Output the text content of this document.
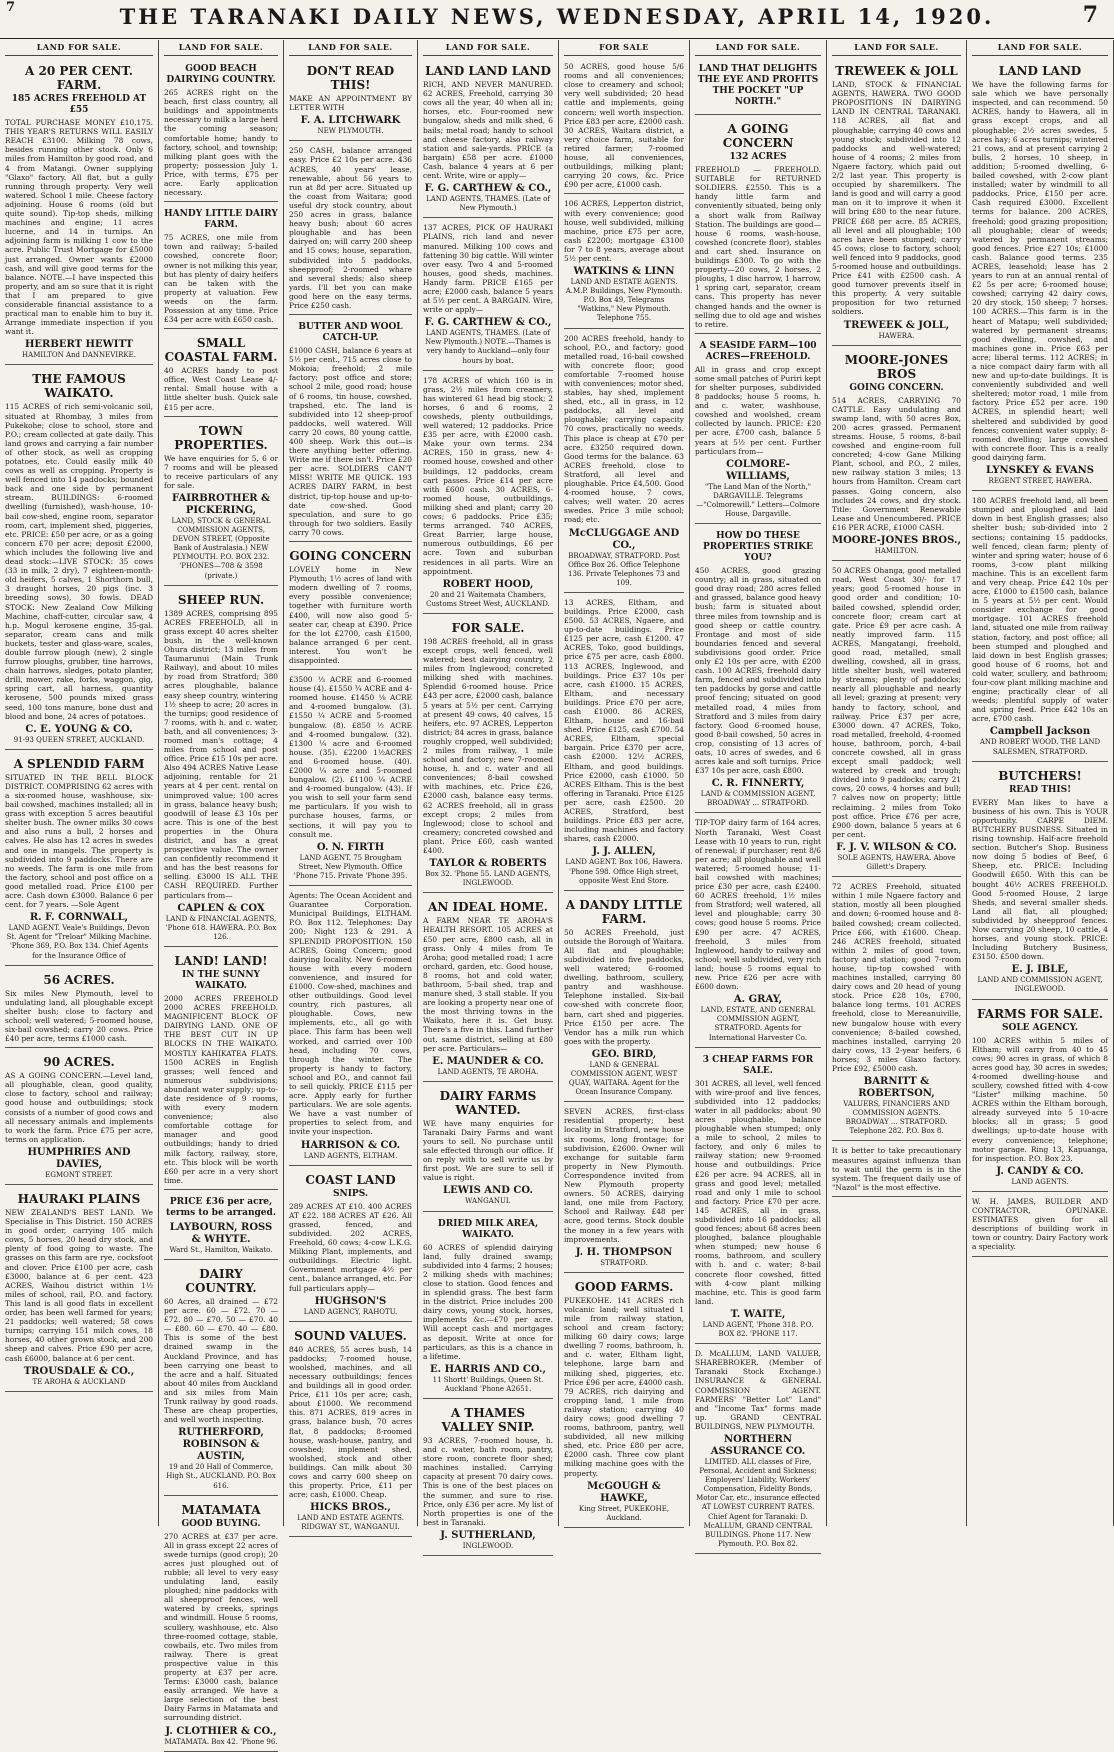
7	THE TARANAKI DAILY NEWS, WEDNESDAY, APRIL 14, 1920.	7
LAND FOR SALE.
A 20 PER CENT. FARM.
185 ACRES FREEHOLD AT £55
TOTAL PURCHASE MONEY £10,175. THIS YEAR'S RETURNS WILL EASILY REACH £3100. Milking 78 cows, besides running other stock. Only 6 miles from Hamilton by good road, and 4 from Matangi. Owner supplying "Glaxo" factory. All flat, but a gully running through property. Very well watered. School 1 mile. Cheese factory adjoining. House 6 rooms (old but quite sound). Tip-top sheds, milking machines and engine; 11 acres lucerne, and 14 in turnips. An adjoining farm is milking 1 cow to the acre. Public Trust Mortgage for £5000 just arranged. Owner wants £2000 cash, and will give good terms for the balance. NOTE.—I have inspected this property, and am so sure that it is right that I am prepared to give considerable financial assistance to a practical man to enable him to buy it. Arrange immediate inspection if you want it.
HERBERT HEWITT
HAMILTON And DANNEVIRKE.
THE FAMOUS WAIKATO.
115 ACRES of rich semi-volcanic soil, situated at Rhombay, 3 miles from Pukekohe; close to school, store and P.O.; cream collected at gate daily. This land grows and carrying a fair number of other stock, as well as cropping potatoes, etc. Could easily milk 40 cows as well as cropping. Property is well fenced into 14 paddocks; bounded back and one side by permanent stream. BUILDINGS: 6-roomed dwelling (furnished), wash-house, 10-bail cow-shed, engine room, separator room, cart, implement shed, piggeries, etc. PRICE: £50 per acre, or as a going concern £70 per acre; deposit £2000, which includes the following live and dead stock:—LIVE STOCK: 35 cows (33 in milk, 2 dry), 7 eighteen-month-old heifers, 5 calves, 1 Shorthorn bull, 3 draught horses, 20 pigs (inc. 3 breeding sows), 30 fowls. DEAD STOCK: New Zealand Cow Milking Machine, chaff-cutter, circular saw, 4 h.p. Mogul kerosene engine, 35-gal. separator, cream cans and milk buckets, tester and glass-ware, scales, double furrow plough (new), 2 single furrow ploughs, grubber, tine harrows, chain harrows, sledges, potato planter, drill, mower, rake, forks, waggon, gig, spring cart, all harness, quantity kerosene, 500 pounds mixed grass seed, 100 tons manure, bone dust and blood and bone, 24 acres of potatoes.
C. E. YOUNG & CO.
91-93 QUEEN STREET, AUCKLAND.
A SPLENDID FARM
SITUATED IN THE BELL BLOCK DISTRICT. COMPRISING 62 acres with a six-roomed house, washhouse, six-bail cowshed, machines installed; all in grass with exception 5 acres beautiful shelter bush. The owner milks 30 cows and also runs a bull, 2 horses and calves. He also has 12 acres in swedes and one in mangels. The property is subdivided into 9 paddocks. There are no weeds. The farm is one mile from the factory, school and post office on a good metalled road. Price £100 per acre. Cash down £3000. Balance 6 per cent. for 7 years. —Sole Agent
R. F. CORNWALL,
LAND AGENT. Veale's Buildings, Devon St. Agent for "Treloar" Milking Machine. 'Phone 369, P.O. Box 134. Chief Agents for the Insurance Office of
56 ACRES.
Six miles New Plymouth, level to undulating land, all ploughable except shelter bush; close to factory and school; well watered; 5-roomed house, six-bail cowshed; carry 20 cows. Price £40 per acre, terms £1000 cash.
90 ACRES.
AS A GOING CONCERN.—Level land, all ploughable, clean, good quality, close to factory, school and railway; good house and outbuildings; stock consists of a number of good cows and all necessary animals and implements to work the farm. Price £75 per acre, terms on application.
HUMPHRIES AND DAVIES,
EGMONT STREET.
HAURAKI PLAINS
NEW ZEALAND'S BEST LAND. We Specialise in This District. 150 ACRES in good order, carrying 105 milch cows, 5 horses, 20 head dry stock, and plenty of food going to waste. The grasses on this farm are rye, cocksfoot and clover. Price £100 per acre, cash £3000, balance at 6 per cent. 423 ACRES, Waihou district within 1½ miles of school, rail, P.O. and factory. This land is all good flats in excellent order, has been well farmed for years; 21 paddocks; well watered; 58 cows turnips; carrying 151 milch cows, 18 horses, 40 other grown stock, and 200 sheep and calves. Price £90 per acre, cash £6000, balance at 6 per cent.
TROUSDALE & CO.,
TE AROHA & AUCKLAND
LAND FOR SALE.
GOOD BEACH DAIRYING COUNTRY.
265 ACRES right on the beach, first class country, all buildings and appointments necessary to milk a large herd the coming season; comfortable home; handy to factory, school, and township; milking plant goes with the property; possession July 1. Price, with terms, £75 per acre. Early application necessary.
HANDY LITTLE DAIRY FARM.
75 ACRES, one mile from town and railway; 5-bailed cowshed, concrete floor; owner is not milking this year, but has plenty of dairy heifers can be taken with the property at valuation. Few weeds on the farm. Possession at any time. Price £34 per acre with £650 cash.
SMALL COASTAL FARM.
40 ACRES handy to post office, West Coast Lease 4/- rental. Small house with a little shelter bush. Quick sale £15 per acre.
TOWN PROPERTIES.
We have enquiries for 5, 6 or 7 rooms and will be pleased to receive particulars of any for sale.
FAIRBROTHER & PICKERING,
LAND, STOCK & GENERAL COMMISSION AGENTS, DEVON STREET, (Opposite Bank of Australasia.) NEW PLYMOUTH. P.O. BOX 232. 'PHONES—708 & 3598 (private.)
SHEEP RUN.
1389 ACRES, comprising 895 ACRES FREEHOLD, all in grass except 40 acres shelter bush, in the well-known Ohura district; 13 miles from Taumarunui (Main Trunk Railway), and about 10 miles by road from Stratford; 380 acres ploughable, balance easy sheep country, wintering 1½ sheep to acre; 20 acres in the turnips; good residence of 7 rooms, with h. and c. water, bath, and all conveniences; 3-roomed man's cottage; 4 miles from school and post office. Price £15 10s per acre. Also 494 ACRES Native Lease adjoining, rentable for 21 years at 4 per cent. rental on unimproved value; 100 acres in grass, balance heavy bush; goodwill of lease £3 10s per acre. This is one of the best properties in the Ohura district, and has a great prospective value. The owner can confidently recommend it and has the best reasons for selling. £3000 IS ALL THE CASH REQUIRED. Further particulars from—
CAPLEN & COX
LAND & FINANCIAL AGENTS, 'Phone 618. HAWERA. P.O. Box 126.
LAND! LAND!
IN THE SUNNY WAIKATO.
2000 ACRES FREEHOLD 2000 ACRES FREEHOLD. MAGNIFICENT BLOCK OF DAIRYING LAND. ONE OF THE BEST CUT IN UP BLOCKS IN THE WAIKATO. MOSTLY KAHIKATEA FLATS. 1500 ACRES in English grasses; well fenced and numerous subdivisions; abundant water supply; up-to-date residence of 9 rooms, with every modern convenience; also comfortable cottage for manager and good outbuildings; handy to dried milk factory, railway, store, etc. This block will be worth £60 per acre in a very short time.
PRICE £36 per acre, terms to be arranged.
LAYBOURN, ROSS & WHYTE.
Ward St., Hamilton, Waikato.
DAIRY COUNTRY.
60 Acres, all drained — £72 per acre. 60 — £72. 70 — £72. 80 — £70. 50 — £70. 40 — £80. 60 — £70. 40 — £80. This is some of the best drained swamp in the Auckland Province, and has been carrying one beast to the acre and a half. Situated about 40 miles from Auckland and six miles from Main Trunk railway by good roads. These are cheap properties, and well worth inspecting.
RUTHERFORD, ROBINSON & AUSTIN,
19 and 20 Hall of Commerce, High St., AUCKLAND. P.O. Box 616.
MATAMATA
GOOD BUYING.
270 ACRES at £37 per acre. All in grass except 22 acres of swede turnips (good crop); 20 acres just ploughed out of rubble; all level to very easy undulating land, easily ploughed; nine paddocks with all sheepproof fences, well watered by creeks, springs and windmill. House 5 rooms, scullery, washhouse, etc. Also three-roomed cottage, stable, cowbails, etc. Two miles from railway. There is great prospective value in this property at £37 per acre. Terms: £3000 cash, balance easily arranged. We have a large selection of the best Dairy Farms in Matamata and surrounding district.
J. CLOTHIER & CO.,
MATAMATA. Box 42. 'Phone 96.
LAND FOR SALE.
DON'T READ THIS!
MAKE AN APPOINTMENT BY LETTER WITH
F. A. LITCHWARK
NEW PLYMOUTH.
250 CASH, balance arranged easy. Price £2 10s per acre. 436 ACRES, 40 years' lease, renewable, about 56 years to run at 8d per acre. Situated up the coast from Waitara; good useful dry stock country, about 250 acres in grass, balance heavy bush; about 60 acres ploughable and has been dairyed on; will carry 200 sheep and 15 cows; house, separation, subdivided into 5 paddocks, sheepproof; 2-roomed whare and several sheds; also sheep yards. I'll bet you can make good here on the easy terms. Price £250 cash.
BUTTER AND WOOL CATCH-UP.
£1000 CASH, balance 6 years at 5½ per cent., 715 acres close to Mokoia; freehold; 2 mile factory; post office and store; school 2 mile, good road; house of 6 rooms, tin house, cowshed, trapshed, etc. The land is subdivided into 12 sheep-proof paddocks, well watered. Will carry 20 cows, 80 young cattle, 400 sheep. Work this out—is there anything better offering. Write me if there isn't. Price £20 per acre. SOLDIERS CAN'T MISS! WRITE ME QUICK. 193 ACRES DAIRY FARM, in best district, tip-top house and up-to-date cow-shed. Good speculation, and sure to go through for two soldiers. Easily carry 70 cows.
GOING CONCERN
LOVELY home in New Plymouth; 1½ acres of land with modern dwelling of 7 rooms, every possible convenience; together with furniture worth £400, will now also good 5-seater car, cheap at £390. Price for the lot £2700, cash £1500, balance arranged 6 per cent. interest. You won't be disappointed.
£3500 ⅓ ACRE and 6-roomed house (4). £1550 ¾ ACRE and 4-roomed house. £1450 ⅛ ACRE and 4-roomed bungalow. (3). £1550 ¼ ACRE and 5-roomed bungalow. (8). £850 ½ ACRE and 4-roomed bungalow. (32). £1300 ¼ acre and 6-roomed house. (35). £2200 1½ACRES and 6-roomed house. (40). £2000 ¼ acre and 5-roomed bungalow. (2). £1100 ¼ ACRE and 4-roomed bungalow. (43). If you wish to sell your farm send me particulars. If you wish to purchase houses, farms, or sections, it will pay you to consult me.
O. N. FIRTH
LAND AGENT. 75 Brougham Street, New Plymouth. Office 'Phone 715. Private 'Phone 395.
Agents: The Ocean Accident and Guarantee Corporation. Municipal Buildings, ELTHAM. P.O. Box 112. Telephones: Day 200; Night 123 & 291. A SPLENDID PROPOSITION. 150 ACRES, Going Concern; good dairying locality. New 6-roomed house with every modern convenience, and insured for £1000. Cow-shed, machines and other outbuildings. Good level country, rich pastures, all ploughable. Cows, new implements, etc., all go with place. This farm has been well worked, and carried over 100 head, including 70 cows, through the winter. The property is handy to factory, school and P.O., and cannot fail to sell quickly. PRICE £115 per acre. Apply early for further particulars. We are sole agents. We have a vast number of properties to select from, and invite your inspection.
HARRISON & CO.
LAND AGENTS, ELTHAM.
COAST LAND
SNIPS.
289 ACRES AT £10. 400 ACRES AT £22. 188 ACRES AT £26. All grassed, fenced, and subdivided. 202 ACRES, Freehold, 60 cows; 4-cow L.K.G. Milking Plant, implements, and outbuildings. Electric light. Government mortgage 4½ per cent., balance arranged, etc. For full particulars apply—
HUGHSON'S
LAND AGENCY, RAHOTU.
SOUND VALUES.
840 ACRES, 55 acres bush, 14 paddocks; 7-roomed house, woolshed, machines, and all necessary outbuildings; fences and buildings all in good order. Price, £11 10s per acre; cash, about £1000. We recommend this. 871 ACRES, 819 acres in grass, balance bush, 70 acres flat, 8 paddocks; 8-roomed house, wash-house, pantry, and cowshed; implement shed, woolshed, stock and other buildings. Can milk about 30 cows and carry 600 sheep on this property. Price, £11 per acre; cash, £1000. Cheap.
HICKS BROS.,
LAND AND ESTATE AGENTS. RIDGWAY ST., WANGANUI.
LAND FOR SALE.
LAND LAND LAND
RICH, AND NEVER MANURED. 62 ACRES, Freehold, carrying 30 cows all the year, 40 when all in; horses, etc. Four-roomed new bungalow, sheds and milk shed, 6 bails; metal road; handy to school and cheese factory, also railway station and sale-yards. PRICE (a bargain) £58 per acre. £1000 Cash, balance 4 years at 6 per cent. Write, wire or apply—
F. G. CARTHEW & CO.,
LAND AGENTS, THAMES. (Late of New Plymouth.)
137 ACRES, PICK OF HAURAKI PLAINS, rich land and never manured. Milking 100 cows and fattening 30 big cattle. Will winter over easy. Two 4 and 5-roomed houses, good sheds, machines. Handy farm. PRICE £165 per acre; £2000 cash, balance 5 years at 5½ per cent. A BARGAIN. Wire, write or apply—
F. G. CARTHEW & CO.,
LAND AGENTS, THAMES. (Late of New Plymouth.) NOTE.—Thames is very handy to Auckland—only four hours by boat.
178 ACRES of which 160 is in grass, 2½ miles from creamery, has wintered 61 head big stock; 2 horses, 6 and 6 rooms, 2 cowsheds, plenty outbuildings, well watered; 12 paddocks. Price £35 per acre, with £2000 cash. Make your own terms. 234 ACRES, 150 in grass, new 4-roomed house, cowshed and other buildings, 12 paddocks, cream cart passes. Price £14 per acre with £600 cash. 30 ACRES, 6-roomed house, outbuildings, milking shed and plant; carry 20 cows; 6 paddocks. Price £35; terms arranged. 740 ACRES, Great Barrier, large house, numerous outbuildings, £6 per acre. Town and suburban residences in all parts. Wire an appointment.
ROBERT HOOD,
20 and 21 Waitemata Chambers, Customs Street West, AUCKLAND.
FOR SALE.
198 ACRES freehold, all in grass except crops, well fenced, well watered; best dairying country, 2 miles from Inglewood; concreted milking shed with machines. Splendid 6-roomed house. Price £43 per acre, £2000 cash, balance 5 years at 5½ per cent. Carrying at present 49 cows, 40 calves, 15 heifers, etc. 97 ACRES, Lepperton district; 84 acres in grass, balance roughly cropped, well subdivided; 2 miles from railway, 1 mile school and factory; new 7-roomed house, h. and c. water and all conveniences; 8-bail cowshed with machines, etc. Price £26, £2000 cash, balance easy terms. 62 ACRES freehold, all in grass except crops; 2 miles from Inglewood; close to school and creamery; concreted cowshed and plant. Price £60, cash wanted £400.
TAYLOR & ROBERTS
Box 32. 'Phone 55. LAND AGENTS, INGLEWOOD.
AN IDEAL HOME.
A FARM NEAR TE AROHA'S HEALTH RESORT. 105 ACRES at £50 per acre, £800 cash, all in grass. Only 4 miles from Te Aroha; good metalled road; 1 acre orchard, garden, etc. Good house, 8 rooms, hot and cold water, bathroom, 5-bail shed, trap and manure shed, 3 stall stable. If you are looking a property near one of the most thriving towns in the Waikato, here it is. Get busy. There's a five in this. Land further out, same district, selling at £80 per acre. Particulars—
E. MAUNDER & CO.
LAND AGENTS, TE AROHA.
DAIRY FARMS WANTED.
WE have many enquiries for Taranaki Dairy Farms and want yours to sell. No purchase until sale effected through our office. If on reply with to sell write us by first post. We are sure to sell if value is right.
LEWIS AND CO.
WANGANUI.
DRIED MILK AREA, WAIKATO.
60 ACRES of splendid dairying land, fully drained swamp; subdivided into 4 farms; 2 houses; 2 milking sheds with machines; close to station. Good fences and in splendid grass. The best farm in the district. Price includes 200 dairy cows, young stock, horses, implements &c.—£70 per acre. Will accept cash and mortgages as deposit. Write at once for particulars, as this is a chance in a lifetime.
E. HARRIS AND CO.,
11 Shortt' Buildings, Queen St. Auckland 'Phone A2651.
A THAMES VALLEY SNIP.
93 ACRES, 7-roomed house, h. and c. water, bath room, pantry, store room, concrete floor shed; machines installed. Carrying capacity at present 70 dairy cows. This is one of the best places on the summer, and sure to rise. Price, only £36 per acre. My list of North properties is one of the best in Taranaki.
J. SUTHERLAND,
INGLEWOOD.
FOR SALE
50 ACRES, good house 5/6 rooms and all conveniences; close to creamery and school; very well subdivided; 20 head cattle and implements, going concern; well worth inspection. Price £83 per acre, £2000 cash. 30 ACRES, Waitara district, a very choice farm, suitable for retired farmer; 7-roomed house, all conveniences, outbuildings, milking plant; carrying 20 cows, &c. Price £90 per acre, £1000 cash.
106 ACRES, Lepperton district, with every convenience; good house, well subdivided, milking machine, price £75 per acre, cash £2200; mortgage £3100 for 7 to 8 years, average about 5½ per cent.
WATKINS & LINN
LAND AND ESTATE AGENTS. A.M.P. Buildings, New Plymouth. P.O. Box 49, Telegrams "Watkins," New Plymouth. Telephone 755.
200 ACRES freehold, handy to school, P.O., and factory; good metalled road, 16-bail cowshed with concrete floor; good comfortable 7-roomed house with conveniences; motor shed, stables, hay shed, implement shed, etc., all in grass, in 12 paddocks, all level and ploughable; carrying capacity 70 cows, practically no weeds. This place is cheap at £70 per acre. £3250 required down. Good terms for the balance. 63 ACRES freehold, close to Stratford, all level and ploughable. Price £4,500. Good 4-roomed house, 7 cows, calves; well water. 20 acres swedes. Price 3 mile school; road; etc.
McCLUGGAGE AND CO.,
BROADWAY, STRATFORD. Post Office Box 26. Office Telephone 136. Private Telephones 73 and 109.
13 ACRES, Eltham, and buildings. Price £2000, cash £500. 53 ACRES, Ngaere, and up-to-date buildings. Price £125 per acre, cash £1200. 47 ACRES, Toko, good buildings, price £75 per acre, cash £800. 113 ACRES, Inglewood, and buildings. Price £37 10s per acre, cash £1000. 15 ACRES, Eltham, and necessary buildings. Price £70 per acre, cash £1000. 86 ACRES, Eltham, house and 16-bail shed. Price £125, cash £700. 54 ACRES, Eltham, special bargain. Price £370 per acre, cash £2000. 12½ ACRES, Eltham, and good buildings. Price £2000, cash £1000. 50 ACRES Eltham. This is the best offering in Taranaki. Price £125 per acre, cash £2500. 20 ACRES, Stratford, best buildings. Price £83 per acre, including machines and factory shares, cash £2000.
J. J. ALLEN,
LAND AGENT. Box 106, Hawera. 'Phone 598. Office High street, opposite West End Store.
A DANDY LITTLE FARM.
50 ACRES Freehold, just outside the Borough of Waitara. All flat and ploughable; subdivided into five paddocks, well watered; 6-roomed dwelling, bathroom, scullery, pantry and washhouse. Telephone installed. Six-bail cow-shed with concrete floor, barn, cart shed and piggeries. Price £150 per acre. The Vendor has a milk run which goes with the property.
GEO. BIRD,
LAND & GENERAL COMMISSION AGENT, WEST QUAY, WAITARA. Agent for the Ocean Insurance Company.
SEVEN ACRES, first-class residential property; best locality in Stratford, new house six rooms, long frontage; for subdivision, £2600. Owner will exchange for suitable farm property in New Plymouth. Correspondence invited from New Plymouth property owners. 50 ACRES, dairying land, one mile from Factory, School and Railway. £48 per acre, good terms. Stock double the money in a few years with improvements.
J. H. THOMPSON
STRATFORD.
GOOD FARMS.
PUKEKOHE. 141 ACRES rich volcanic land; well situated 1 mile from railway station, school and cream factory; milking 60 dairy cows; large dwelling 7 rooms, bathroom, h. and c. water, Eltham light, telephone, large barn and milking shed, piggeries, etc. Price £96 per acre, £4000 cash. 79 ACRES, rich dairying and cropping land, 1 mile from railway station; carrying 40 dairy cows; good dwelling 7 rooms, bathroom, pantry, well subdivided, all new milking shed, etc. Price £80 per acre, £2000 cash. Three cow plant milking machine goes with the property.
McGOUGH & HAWKE,
King Street, PUKEKOHE, Auckland.
LAND FOR SALE.
LAND THAT DELIGHTS THE EYE AND PROFITS THE POCKET "UP NORTH."
A GOING CONCERN
132 ACRES
FREEHOLD — FREEHOLD. SUITABLE for RETURNED SOLDIERS. £2550. This is a handy little farm and conveniently situated, being only a short walk from Railway Station. The buildings are good—house 6 rooms, wash-house, cowshed (concrete floor), stables and cart shed. Insurance on buildings £300. To go with the property—20 cows, 2 horses, 2 ploughs, 1 disc harrow, 1 harrow, 1 spring cart, separator, cream cans. This property has never changed hands and the owner is selling due to old age and wishes to retire.
A SEASIDE FARM—100 ACRES—FREEHOLD.
All in grass and crop except some small patches of Puriri kept for shelter purposes, subdivided 8 paddocks; house 5 rooms, h. and c. water, washhouse, cowshed and woolshed, cream collected by launch. PRICE: £20 per acre, £700 cash, balance 5 years at 5½ per cent. Further particulars from—
COLMORE-WILLIAMS,
"The Land Man of the North," DARGAVILLE. Telegrams—"Colmorewill." Letters—Colmore House, Dargaville.
HOW DO THESE PROPERTIES STRIKE YOU?
450 ACRES, good grazing country; all in grass, situated on good dray road; 280 acres felled and grassed, balance good heavy bush; farm is situated about three miles from township and is good sheep or cattle country. Frontage and most of side boundaries fenced and several subdivisions good order. Price only £2 10s per acre, with £200 cash. 100 ACRES, freehold dairy farm, fenced and subdivided into ten paddocks by gorse and cattle proof fencing; situated on good metalled road, 4 miles from Stratford and 3 miles from dairy factory. Good 6-roomed house, good 8-bail cowshed, 50 acres in crop, consisting of 13 acres of oats, 10 acres of swedes, and 6 acres kale and soft turnips. Price £37 10s per acre, cash £800.
C. R. FINNERTY,
LAND & COMMISSION AGENT, BROADWAY ... STRATFORD.
TIP-TOP dairy farm of 164 acres, North Taranaki, West Coast Lease with 10 years to run, right of renewal; if purchaser; rent 8/6 per acre; all ploughable and well watered; 5-roomed house; 11-bail cowshed with machines; price £30 per acre, cash £2400. 60 ACRES freehold, 1½ miles from Stratford; well watered, all level and ploughable; carry 30 cows; good house 5 rooms. Price £90 per acre. 47 ACRES, freehold, 3 miles from Inglewood, handy to railway and school; well subdivided, very rich land; house 5 rooms equal to new. Price £26 per acre with £600 down.
A. GRAY,
LAND, ESTATE, AND GENERAL COMMISSION AGENT, STRATFORD. Agents for International Harvester Co.
3 CHEAP FARMS FOR SALE.
301 ACRES, all level, well fenced with wire-proof and live fences, subdivided into 12 paddocks; water in all paddocks; about 90 acres ploughable, balance ploughable when stumped; only a mile to school, 2 miles to factory, and only 6 miles to railway station; new 9-roomed house and outbuildings. Price £26 per acre. 94 ACRES, all in grass and good level; metalled road and only 1 mile to school and factory. Price £70 per acre. 145 ACRES, all in grass, subdivided into 16 paddocks; all good fences; about 68 acres been ploughed, balance ploughable when stumped; new house 6 rooms, bathroom, and scullery with h. and c. water; 8-bail concrete floor cowshed, fitted with 4-cow plant milking machine, etc. This is good farm land.
T. WAITE,
LAND AGENT, 'Phone 318. P.O. BOX 82. 'PHONE 117.
D. McALLUM, LAND VALUER, SHAREBROKER. (Member of Taranaki Stock Exchange.) INSURANCE & GENERAL COMMISSION AGENT. FARMERS' "Better Lot" Land" and "Income Tax" forms made up. GRAND CENTRAL BUILDINGS, NEW PLYMOUTH.
NORTHERN ASSURANCE CO.
LIMITED. ALL classes of Fire, Personal, Accident and Sickness; Employers' Liability, Workers' Compensation, Fidelity Bonds, Motor Car, etc., insurance effected AT LOWEST CURRENT RATES. Chief Agent for Taranaki: D. McALLUM, GRAND CENTRAL BUILDINGS. Phone 117. New Plymouth. P.O. Box 82.
LAND FOR SALE.
TREWEEK & JOLL
LAND, STOCK & FINANCIAL AGENTS, HAWERA. TWO GOOD PROPOSITIONS IN DAIRYING LAND IN CENTRAL TARANAKI. 118 ACRES, all flat and ploughable; carrying 40 cows and young stock; subdivided into 12 paddocks and well-watered; house of 4 rooms; 2 miles from Ngaere factory, which paid out 2/2 last year. This property is occupied by sharemilkers. The land is good and will carry a good man on it to improve it when it will bring £80 to the near future. PRICE £68 per acre. 85 ACRES, all level and all ploughable; 100 acres have been stumped; carry 45 cows; close to factory, school; well fenced into 9 paddocks, good 5-roomed house and outbuildings. Price £41 with £2500 cash. A good turnover prevents itself in this property. A very suitable proposition for two returned soldiers.
TREWEEK & JOLL,
HAWERA.
MOORE-JONES BROS
GOING CONCERN.
514 ACRES, CARRYING 70 CATTLE. Easy undulating and swamp land, with 50 acres Box, 200 acres grassed. Permanent streams. House, 5 rooms, 8-bail cowshed and engine-room full concreted; 4-cow Gane Milking Plant, school, and P.O., 2 miles, new railway station 3 miles; 13 hours from Hamilton. Cream cart passes. Going concern, also includes 24 cows, and dry stock. Title: Government Renewable Lease and Unencumbered. PRICE £16 PER ACRE, £1000 CASH.
MOORE-JONES BROS.,
HAMILTON.
50 ACRES Ohanga, good metalled road, West Coast 30/- for 17 years; good 5-roomed house in good order and condition; 10-bailed cowshed, splendid order, concrete floor; cream cart at gate. Price £9 per acre cash. A neatly improved farm. 115 ACRES, Mangatangi, freehold, good road, metalled, small dwelling, cowshed, all in grass, little shelter bush, well watered by streams; plenty of paddocks; nearly all ploughable and nearly all level; grazing at present; very handy to factory, school, and railway. Price £37 per acre, £3000 down. 47 ACRES, Toko, road metalled, freehold, 4-roomed house, bathroom, porch, 4-bail concrete cowshed, all in grass except small paddock; well watered by creek and trough; divided into 9 paddocks; carry 21 cows, 20 cows, 4 horses and bull; 7 calves now on property; little reclaiming. 2 miles from Toko post office. Price £76 per acre, £900 down, balance 5 years at 6 per cent.
F. J. V. WILSON & CO.
SOLE AGENTS, HAWERA. Above Gillett's Drapery.
72 ACRES Freehold, situated within 1 mile Ngaere factory and station, mostly all been ploughed and down; 6-roomed house and 8-bailed cowshed; cream collected. Price £66, with £1600. Cheap. 246 ACRES freehold, situated within 2 miles of good town, factory and station; good 7-room house, tip-top cowshed with machines installed, carrying 80 dairy cows and 20 head of young stock. Price £28 10s, £700, balance long terms. 101 ACRES freehold, close to Mereanuiville, new bungalow house with every convenience; 8-bailed cowshed, machines installed, carrying 20 dairy cows, 13 2-year heifers, 6 horses; 3 miles Glaxo factory. Price £92, £5000 cash.
BARNITT & ROBERTSON,
VALUERS, FINANCIERS AND COMMISSION AGENTS. BROADWAY ... STRATFORD. Telephone 282. P.O. Box 8.
It is better to take precautionary measures against influenza than to wait until the germ is in the system. The frequent daily use of "Nazol" is the most effective.
LAND FOR SALE.
LAND LAND
We have the following farms for sale which we have personally inspected, and can recommend. 50 ACRES, handy to Hawera, all in grass except crops, and all ploughable; 2½ acres swedes, 5 acres hay; 6 acres turnips; wintered 21 cows, and at present carrying 2 bulls, 2 horses, 10 sheep, in addition; 5-roomed dwelling, 6-bailed cowshed, with 2-cow plant installed; water by windmill to all paddocks. Price, £150 per acre. Cash required £3000. Excellent terms for balance. 200 ACRES, freehold; good grazing proposition; all ploughable; clear of weeds; watered by permanent streams; good fences. Price £27 10s; £1000 cash. Balance good terms. 235 ACRES, leasehold; lease has 2 years to run at an annual rental of £2 5s per acre; 6-roomed house; cowshed; carrying 42 dairy cows, 20 dry stock, 150 sheep; 7 horses. 100 ACRES.—This farm is in the heart of Matapu; well subdivided; watered by permanent streams; good dwelling, cowshed, and machines gone in. Price £63 per acre; liberal terms. 112 ACRES; in a nice compact dairy farm with all new and up-to-date buildings. It is conveniently subdivided and well sheltered; motor road, 1 mile from factory. Price £52 per acre. 190 ACRES, in splendid heart; well sheltered and subdivided by good fences; convenient water supply; 8-roomed dwelling; large cowshed with concrete floor. This is a really good dairying farm.
LYNSKEY & EVANS
REGENT STREET, HAWERA.
180 ACRES freehold land, all been stumped and ploughed and laid down in best English grasses; also shelter bush; sub-divided into 2 sections; containing 15 paddocks, well fenced, clean farm; plenty of winter and spring water; house of 6 rooms, 3-cow plant milking machine. This is an excellent farm and very cheap. Price £42 10s per acre, £1000 to £1500 cash, balance in 5 years at 5½ per cent. Would consider exchange for good mortgage. 101 ACRES freehold land, situated one mile from railway station, factory, and post office; all been stumped and ploughed and laid down in best English grasses; good house of 6 rooms, hot and cold water, scullery, and bathroom; four-cow plant milking machine and engine; practically clear of all weeds; plentiful supply of water and spring feed. Price £42 10s an acre, £700 cash.
Campbell Jackson
AND ROBERT WOOD. THE LAND SALESMEN, STRATFORD.
BUTCHERS!
READ THIS!
EVERY Man likes to have a business of his own. This is YOUR opportunity. CARPE DIEM. BUTCHERY BUSINESS. Situated in rising township. Half-acre freehold section. Butcher's Shop. Business now doing 5 bodies of Beef, 6 Sheep, etc. PRICE: Including Goodwill £650. With this can be bought 46½ ACRES FREEHOLD. Good 5-roomed House, 2 large Sheds, and several smaller sheds. Land all flat, all ploughed; subdivided by sheepproof fences. Now carrying 20 sheep, 10 cattle, 4 horses, and young stock. PRICE: Including Butchery Business, £3150. £500 down.
E. J. IBLE,
LAND AND COMMISSION AGENT, INGLEWOOD.
FARMS FOR SALE.
SOLE AGENCY.
100 ACRES within 5 miles of Eltham; will carry from 40 to 45 cows; 90 acres in grass, of which 8 acres good hay, 30 acres in swedes; 4-roomed dwelling-house and scullery, cowshed fitted with 4-cow "Lister" milking machine. 50 ACRES within the Eltham borough, already surveyed into 5 10-acre blocks; all in grass; 5 good dwellings; up-to-date house with every convenience; telephone; motor garage. Ring 13, Kapuanga, for inspection. P.O. Box 23.
J. CANDY & CO.
LAND AGENTS.
W. H. JAMES, BUILDER AND CONTRACTOR, OPUNAKE. ESTIMATES given for all descriptions of building work in town or country. Dairy Factory work a speciality.
